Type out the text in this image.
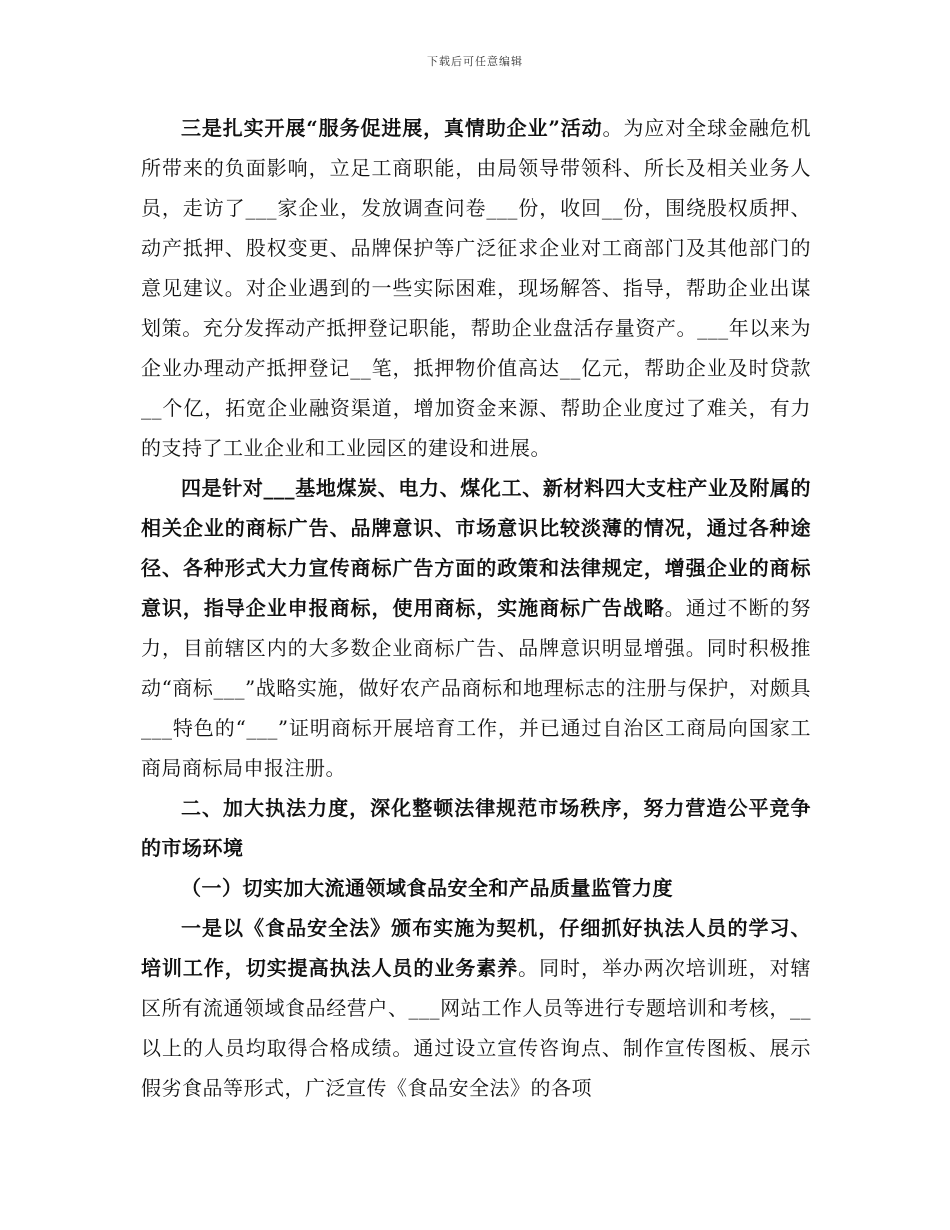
下载后可任意编辑

三是扎实开展“服务促进展，真情助企业”活动。为应对全球金融危机所带来的负面影响，立足工商职能，由局领导带领科、所长及相关业务人员，走访了___家企业，发放调查问卷___份，收回__份，围绕股权质押、动产抵押、股权变更、品牌保护等广泛征求企业对工商部门及其他部门的意见建议。对企业遇到的一些实际困难，现场解答、指导，帮助企业出谋划策。充分发挥动产抵押登记职能，帮助企业盘活存量资产。___年以来为企业办理动产抵押登记__笔，抵押物价值高达__亿元，帮助企业及时贷款__个亿，拓宽企业融资渠道，增加资金来源、帮助企业度过了难关，有力的支持了工业企业和工业园区的建设和进展。

四是针对___基地煤炭、电力、煤化工、新材料四大支柱产业及附属的相关企业的商标广告、品牌意识、市场意识比较淡薄的情况，通过各种途径、各种形式大力宣传商标广告方面的政策和法律规定，增强企业的商标意识，指导企业申报商标，使用商标，实施商标广告战略。通过不断的努力，目前辖区内的大多数企业商标广告、品牌意识明显增强。同时积极推动“商标___”战略实施，做好农产品商标和地理标志的注册与保护，对颇具___特色的“___”证明商标开展培育工作，并已通过自治区工商局向国家工商局商标局申报注册。

二、加大执法力度，深化整顿法律规范市场秩序，努力营造公平竞争的市场环境

（一）切实加大流通领域食品安全和产品质量监管力度

一是以《食品安全法》颁布实施为契机，仔细抓好执法人员的学习、培训工作，切实提高执法人员的业务素养。同时，举办两次培训班，对辖区所有流通领域食品经营户、___网站工作人员等进行专题培训和考核，__以上的人员均取得合格成绩。通过设立宣传咨询点、制作宣传图板、展示假劣食品等形式，广泛宣传《食品安全法》的各项
